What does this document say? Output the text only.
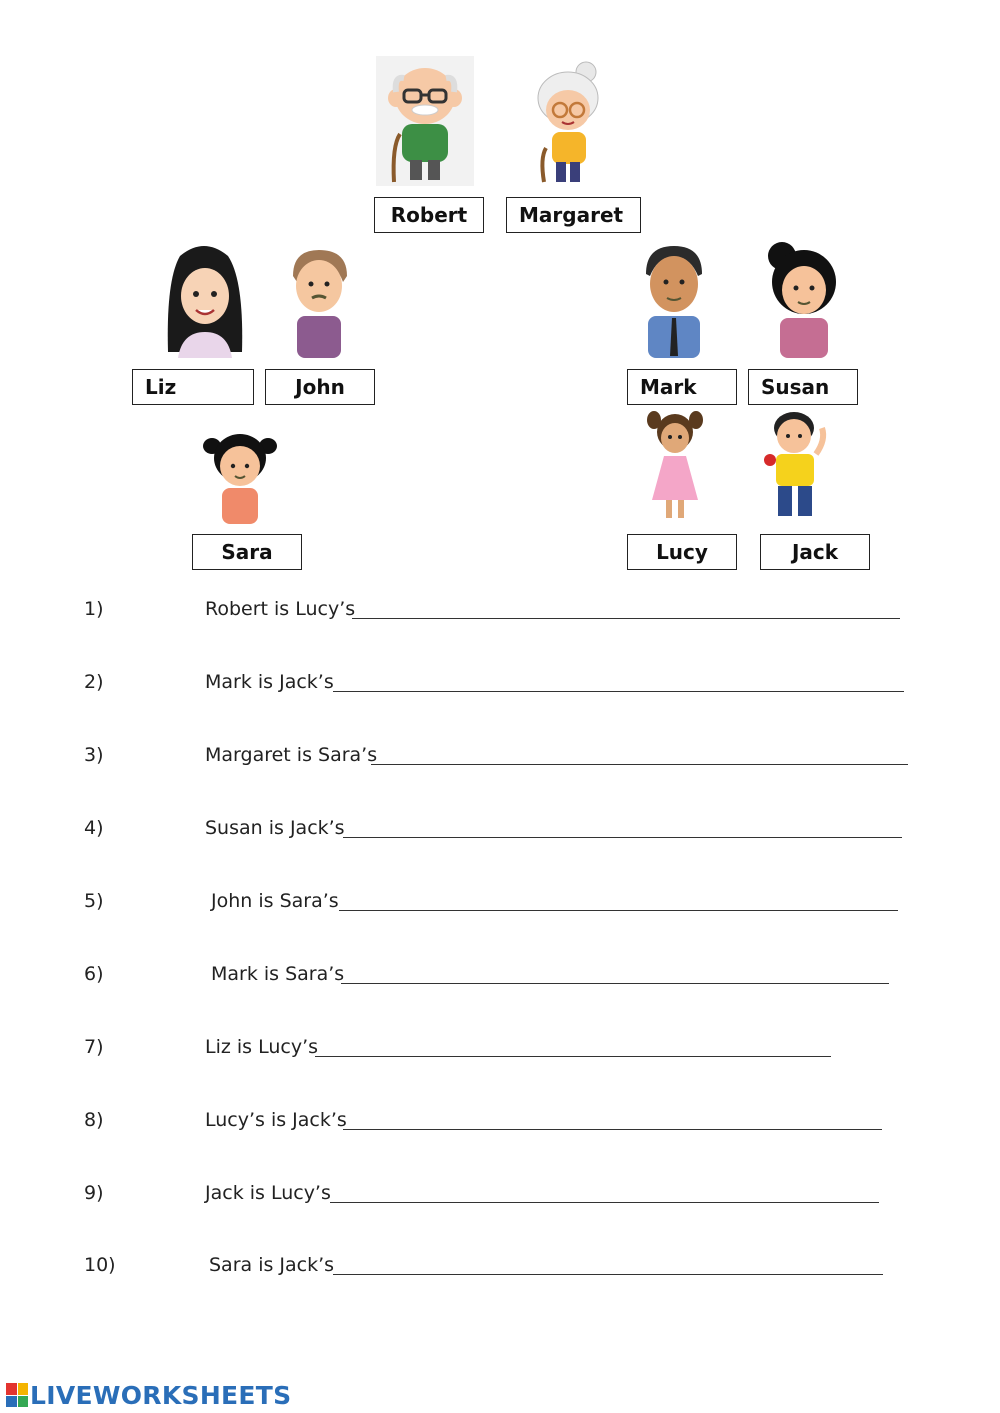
Robert	Margaret
Liz	John	Mark	Susan
Sara	Lucy	Jack
1)	Robert is Lucy’s
2)	Mark is Jack’s
3)	Margaret is Sara’s
4)	Susan is Jack’s
5)	John is Sara’s
6)	Mark is Sara’s
7)	Liz is Lucy’s
8)	Lucy’s is Jack’s
9)	Jack is Lucy’s
10)	Sara is Jack’s
LIVEWORKSHEETS
